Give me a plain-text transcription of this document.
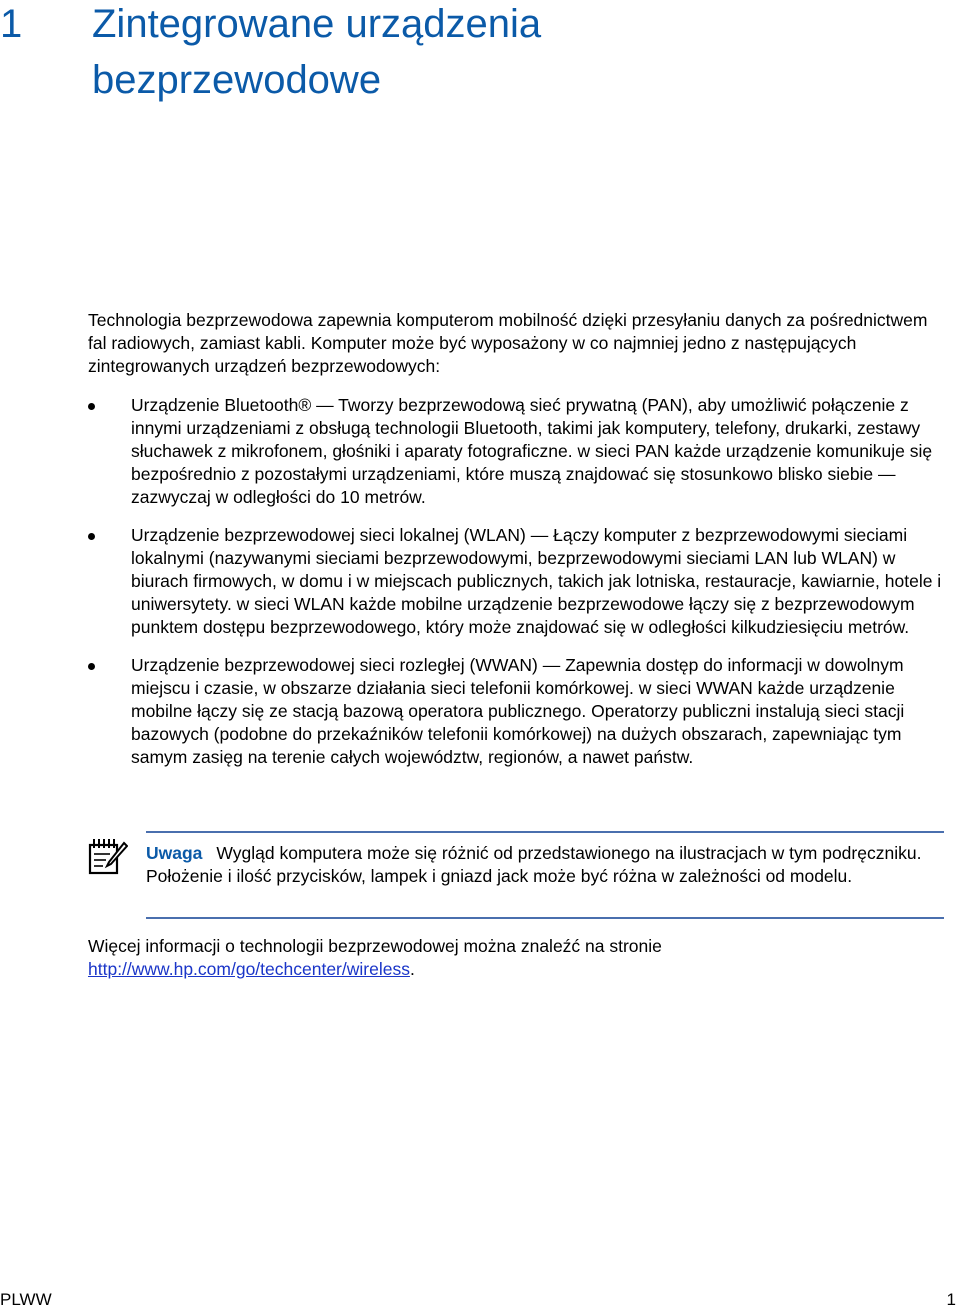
1 Zintegrowane urządzenia
bezprzewodowe

Technologia bezprzewodowa zapewnia komputerom mobilność dzięki przesyłaniu danych za pośrednictwem fal radiowych, zamiast kabli. Komputer może być wyposażony w co najmniej jedno z następujących zintegrowanych urządzeń bezprzewodowych:

Urządzenie Bluetooth® — Tworzy bezprzewodową sieć prywatną (PAN), aby umożliwić połączenie z innymi urządzeniami z obsługą technologii Bluetooth, takimi jak komputery, telefony, drukarki, zestawy słuchawek z mikrofonem, głośniki i aparaty fotograficzne. w sieci PAN każde urządzenie komunikuje się bezpośrednio z pozostałymi urządzeniami, które muszą znajdować się stosunkowo blisko siebie — zazwyczaj w odległości do 10 metrów.
Urządzenie bezprzewodowej sieci lokalnej (WLAN) — Łączy komputer z bezprzewodowymi sieciami lokalnymi (nazywanymi sieciami bezprzewodowymi, bezprzewodowymi sieciami LAN lub WLAN) w biurach firmowych, w domu i w miejscach publicznych, takich jak lotniska, restauracje, kawiarnie, hotele i uniwersytety. w sieci WLAN każde mobilne urządzenie bezprzewodowe łączy się z bezprzewodowym punktem dostępu bezprzewodowego, który może znajdować się w odległości kilkudziesięciu metrów.
Urządzenie bezprzewodowej sieci rozległej (WWAN) — Zapewnia dostęp do informacji w dowolnym miejscu i czasie, w obszarze działania sieci telefonii komórkowej. w sieci WWAN każde urządzenie mobilne łączy się ze stacją bazową operatora publicznego. Operatorzy publiczni instalują sieci stacji bazowych (podobne do przekaźników telefonii komórkowej) na dużych obszarach, zapewniając tym samym zasięg na terenie całych województw, regionów, a nawet państw.

Uwaga Wygląd komputera może się różnić od przedstawionego na ilustracjach w tym podręczniku. Położenie i ilość przycisków, lampek i gniazd jack może być różna w zależności od modelu.

Więcej informacji o technologii bezprzewodowej można znaleźć na stronie http://www.hp.com/go/techcenter/wireless.

PLWW	1
